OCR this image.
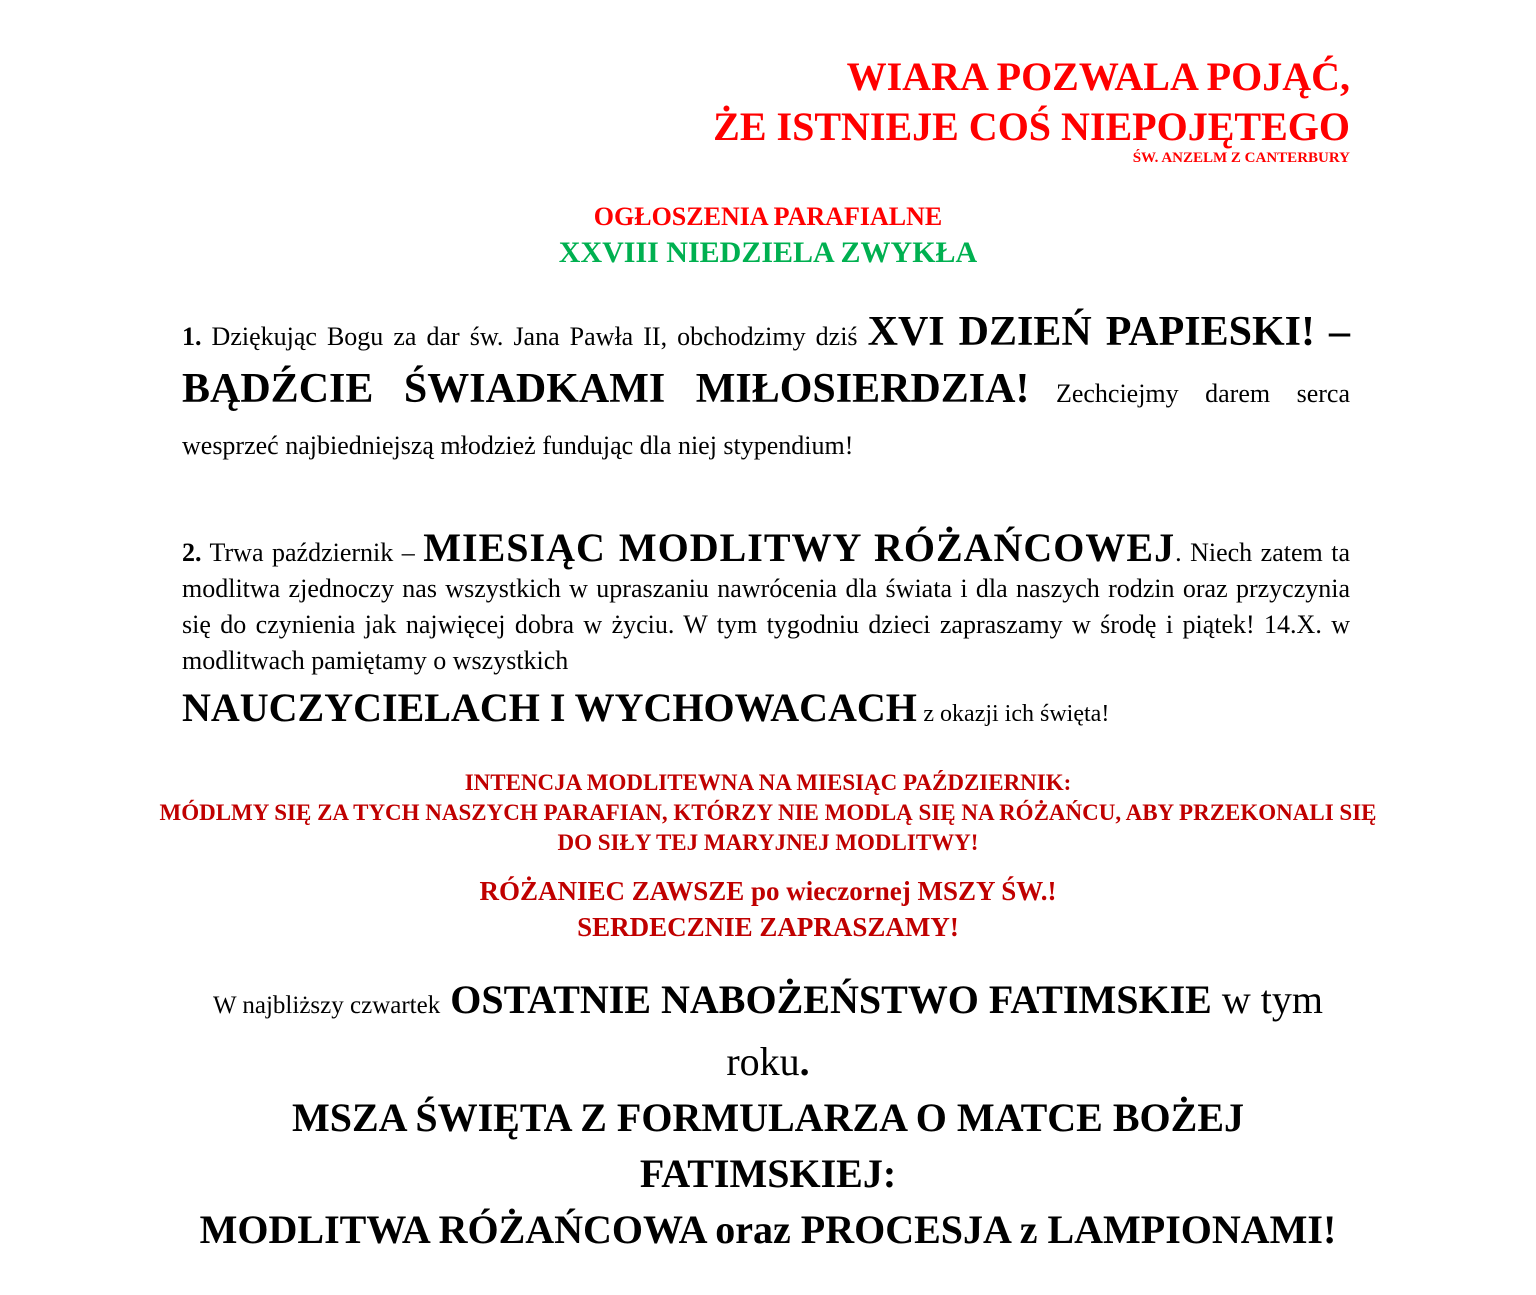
WIARA POZWALA POJĄĆ,
ŻE ISTNIEJE COŚ NIEPOJĘTEGO
ŚW. ANZELM Z CANTERBURY
OGŁOSZENIA PARAFIALNE
XXVIII NIEDZIELA ZWYKŁA
1. Dziękując Bogu za dar św. Jana Pawła II, obchodzimy dziś XVI DZIEŃ PAPIESKI! – BĄDŹCIE ŚWIADKAMI MIŁOSIERDZIA! Zechciejmy darem serca wesprzeć najbiedniejszą młodzież fundując dla niej stypendium!
2. Trwa październik – MIESIĄC MODLITWY RÓŻAŃCOWEJ. Niech zatem ta modlitwa zjednoczy nas wszystkich w upraszaniu nawrócenia dla świata i dla naszych rodzin oraz przyczynia się do czynienia jak najwięcej dobra w życiu. W tym tygodniu dzieci zapraszamy w środę i piątek! 14.X. w modlitwach pamiętamy o wszystkich
NAUCZYCIELACH I WYCHOWACACH z okazji ich święta!
INTENCJA MODLITEWNA NA MIESIĄC PAŹDZIERNIK:
MÓDLMY SIĘ ZA TYCH NASZYCH PARAFIAN, KTÓRZY NIE MODLĄ SIĘ NA RÓŻAŃCU, ABY PRZEKONALI SIĘ DO SIŁY TEJ MARYJNEJ MODLITWY!
RÓŻANIEC ZAWSZE po wieczornej MSZY ŚW.!
SERDECZNIE ZAPRASZAMY!
W najbliższy czwartek OSTATNIE NABOŻEŃSTWO FATIMSKIE w tym roku.
MSZA ŚWIĘTA Z FORMULARZA O MATCE BOŻEJ FATIMSKIEJ:
MODLITWA RÓŻAŃCOWA oraz PROCESJA z LAMPIONAMI!
